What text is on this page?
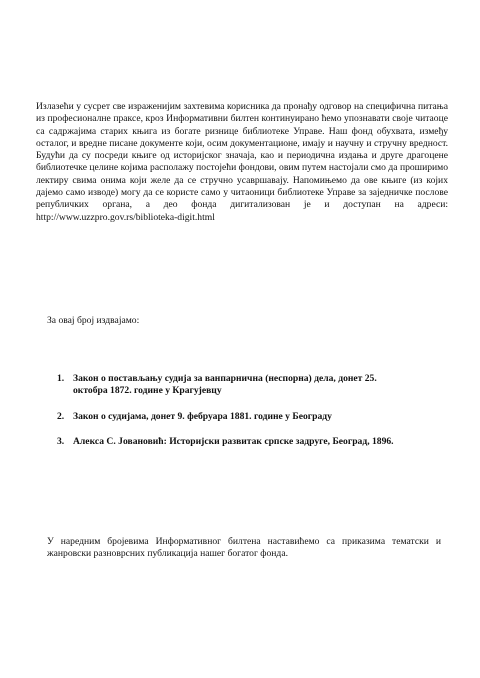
Излазећи у сусрет све израженијим захтевима корисника да пронађу одговор на специфична питања из професионалне праксе, кроз Информативни билтен континуирано ћемо упознавати своје читаоце са садржајима старих књига из богате ризнице библиотеке Управе. Наш фонд обухвата, између осталог, и вредне писане документе који, осим документационе, имају и научну и стручну вредност. Будући да су посреди књиге од историјског значаја, као и периодична издања и друге драгоцене библиотечке целине којима располажу постојећи фондови, овим путем настојали смо да проширимо лектиру свима онима који желе да се стручно усавршавају. Напомињемо да ове књиге (из којих дајемо само изводе) могу да се користе само у читаоници библиотеке Управе за заједничке послове републичких органа, а део фонда дигитализован је и доступан на адреси: http://www.uzzpro.gov.rs/biblioteka-digit.html

За овај број издвајамо:

1. Закон о постављању судија за ванпарнична (неспорна) дела, донет 25. октобра 1872. године у Крагујевцу
2. Закон о судијама, донет 9. фебруара 1881. године у Београду
3. Алекса С. Јовановић: Историјски развитак српске задруге, Београд, 1896.

У наредним бројевима Информативног билтена наставићемо са приказима тематски и жанровски разноврсних публикација нашег богатог фонда.
